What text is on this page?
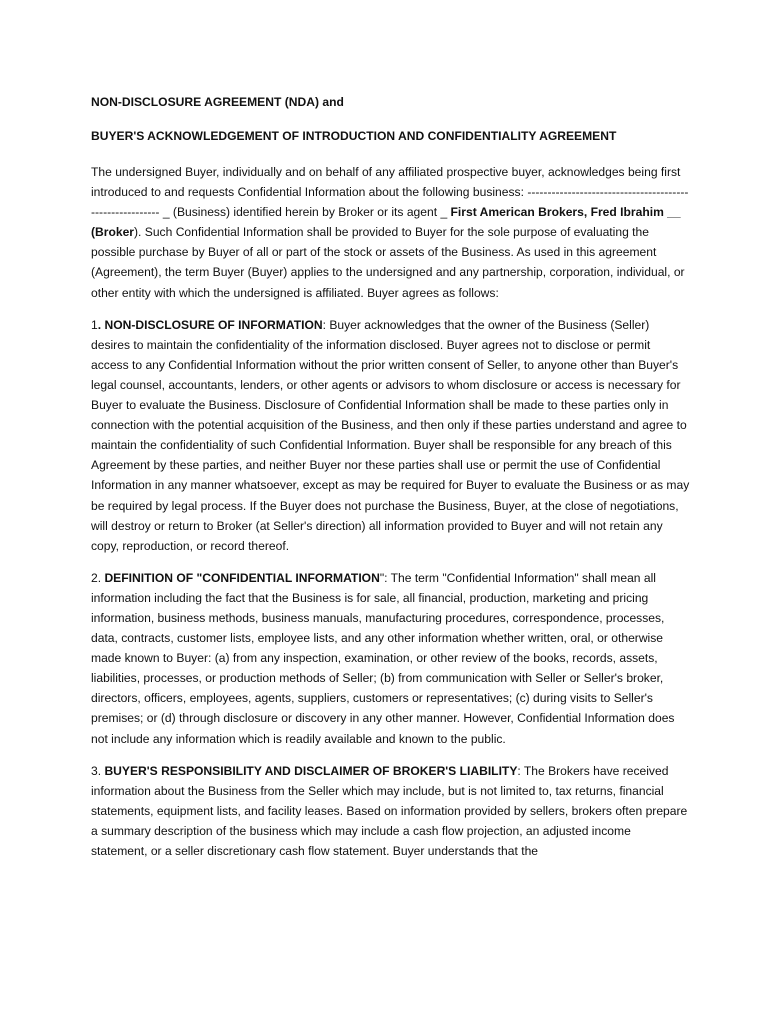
NON-DISCLOSURE AGREEMENT (NDA) and
BUYER'S ACKNOWLEDGEMENT OF INTRODUCTION AND CONFIDENTIALITY AGREEMENT

The undersigned Buyer, individually and on behalf of any affiliated prospective buyer, acknowledges being first introduced to and requests Confidential Information about the following business: --------------------------------------------------------- _ (Business) identified herein by Broker or its agent _ First American Brokers, Fred Ibrahim __ (Broker). Such Confidential Information shall be provided to Buyer for the sole purpose of evaluating the possible purchase by Buyer of all or part of the stock or assets of the Business. As used in this agreement (Agreement), the term Buyer (Buyer) applies to the undersigned and any partnership, corporation, individual, or other entity with which the undersigned is affiliated. Buyer agrees as follows:

1. NON-DISCLOSURE OF INFORMATION: Buyer acknowledges that the owner of the Business (Seller) desires to maintain the confidentiality of the information disclosed. Buyer agrees not to disclose or permit access to any Confidential Information without the prior written consent of Seller, to anyone other than Buyer's legal counsel, accountants, lenders, or other agents or advisors to whom disclosure or access is necessary for Buyer to evaluate the Business. Disclosure of Confidential Information shall be made to these parties only in connection with the potential acquisition of the Business, and then only if these parties understand and agree to maintain the confidentiality of such Confidential Information. Buyer shall be responsible for any breach of this Agreement by these parties, and neither Buyer nor these parties shall use or permit the use of Confidential Information in any manner whatsoever, except as may be required for Buyer to evaluate the Business or as may be required by legal process. If the Buyer does not purchase the Business, Buyer, at the close of negotiations, will destroy or return to Broker (at Seller's direction) all information provided to Buyer and will not retain any copy, reproduction, or record thereof.

2. DEFINITION OF "CONFIDENTIAL INFORMATION": The term "Confidential Information" shall mean all information including the fact that the Business is for sale, all financial, production, marketing and pricing information, business methods, business manuals, manufacturing procedures, correspondence, processes, data, contracts, customer lists, employee lists, and any other information whether written, oral, or otherwise made known to Buyer: (a) from any inspection, examination, or other review of the books, records, assets, liabilities, processes, or production methods of Seller; (b) from communication with Seller or Seller's broker, directors, officers, employees, agents, suppliers, customers or representatives; (c) during visits to Seller's premises; or (d) through disclosure or discovery in any other manner. However, Confidential Information does not include any information which is readily available and known to the public.

3. BUYER'S RESPONSIBILITY AND DISCLAIMER OF BROKER'S LIABILITY: The Brokers have received information about the Business from the Seller which may include, but is not limited to, tax returns, financial statements, equipment lists, and facility leases. Based on information provided by sellers, brokers often prepare a summary description of the business which may include a cash flow projection, an adjusted income statement, or a seller discretionary cash flow statement. Buyer understands that the
